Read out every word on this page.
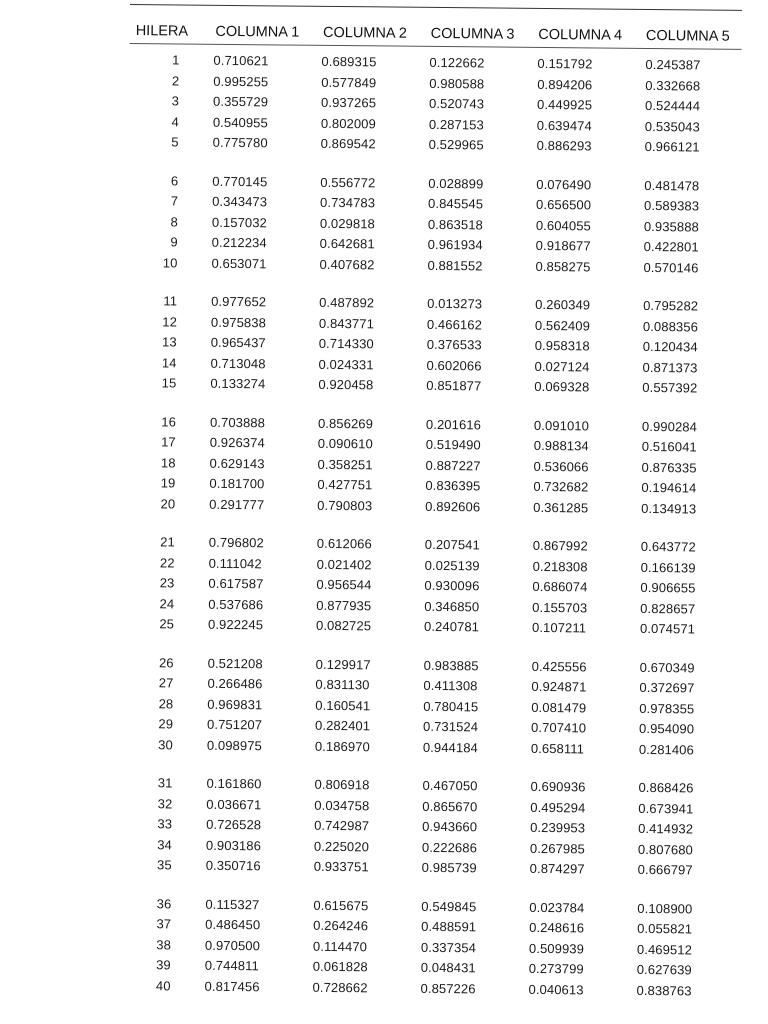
HILERA	COLUMNA 1	COLUMNA 2	COLUMNA 3	COLUMNA 4	COLUMNA 5
1	0.710621	0.689315	0.122662	0.151792	0.245387
2	0.995255	0.577849	0.980588	0.894206	0.332668
3	0.355729	0.937265	0.520743	0.449925	0.524444
4	0.540955	0.802009	0.287153	0.639474	0.535043
5	0.775780	0.869542	0.529965	0.886293	0.966121
6	0.770145	0.556772	0.028899	0.076490	0.481478
7	0.343473	0.734783	0.845545	0.656500	0.589383
8	0.157032	0.029818	0.863518	0.604055	0.935888
9	0.212234	0.642681	0.961934	0.918677	0.422801
10	0.653071	0.407682	0.881552	0.858275	0.570146
11	0.977652	0.487892	0.013273	0.260349	0.795282
12	0.975838	0.843771	0.466162	0.562409	0.088356
13	0.965437	0.714330	0.376533	0.958318	0.120434
14	0.713048	0.024331	0.602066	0.027124	0.871373
15	0.133274	0.920458	0.851877	0.069328	0.557392
16	0.703888	0.856269	0.201616	0.091010	0.990284
17	0.926374	0.090610	0.519490	0.988134	0.516041
18	0.629143	0.358251	0.887227	0.536066	0.876335
19	0.181700	0.427751	0.836395	0.732682	0.194614
20	0.291777	0.790803	0.892606	0.361285	0.134913
21	0.796802	0.612066	0.207541	0.867992	0.643772
22	0.111042	0.021402	0.025139	0.218308	0.166139
23	0.617587	0.956544	0.930096	0.686074	0.906655
24	0.537686	0.877935	0.346850	0.155703	0.828657
25	0.922245	0.082725	0.240781	0.107211	0.074571
26	0.521208	0.129917	0.983885	0.425556	0.670349
27	0.266486	0.831130	0.411308	0.924871	0.372697
28	0.969831	0.160541	0.780415	0.081479	0.978355
29	0.751207	0.282401	0.731524	0.707410	0.954090
30	0.098975	0.186970	0.944184	0.658111	0.281406
31	0.161860	0.806918	0.467050	0.690936	0.868426
32	0.036671	0.034758	0.865670	0.495294	0.673941
33	0.726528	0.742987	0.943660	0.239953	0.414932
34	0.903186	0.225020	0.222686	0.267985	0.807680
35	0.350716	0.933751	0.985739	0.874297	0.666797
36	0.115327	0.615675	0.549845	0.023784	0.108900
37	0.486450	0.264246	0.488591	0.248616	0.055821
38	0.970500	0.114470	0.337354	0.509939	0.469512
39	0.744811	0.061828	0.048431	0.273799	0.627639
40	0.817456	0.728662	0.857226	0.040613	0.838763
